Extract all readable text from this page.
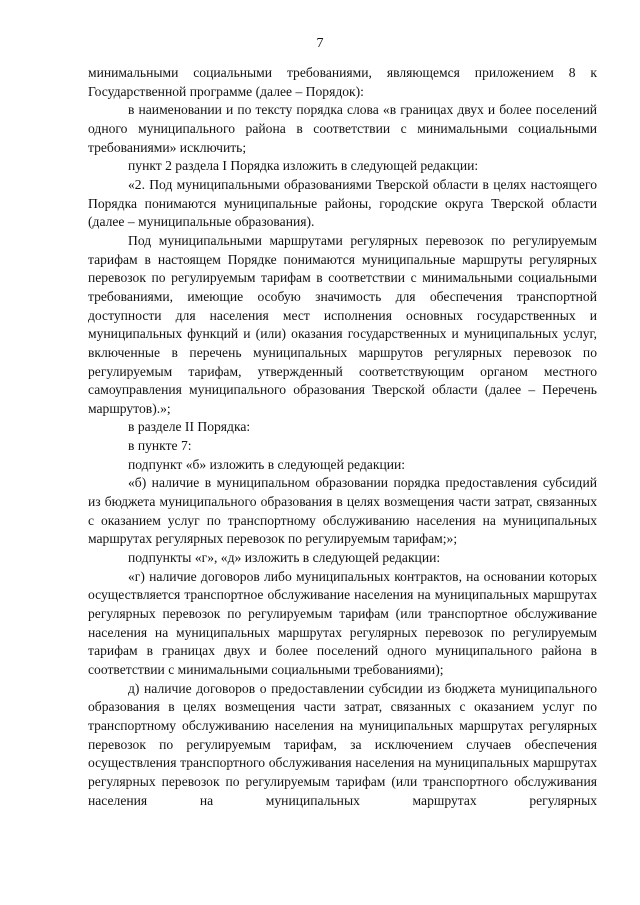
7

минимальными социальными требованиями, являющемся приложением 8 к Государственной программе (далее – Порядок):

в наименовании и по тексту порядка слова «в границах двух и более поселений одного муниципального района в соответствии с минимальными социальными требованиями» исключить;

пункт 2 раздела I Порядка изложить в следующей редакции:

«2. Под муниципальными образованиями Тверской области в целях настоящего Порядка понимаются муниципальные районы, городские округа Тверской области (далее – муниципальные образования).

Под муниципальными маршрутами регулярных перевозок по регулируемым тарифам в настоящем Порядке понимаются муниципальные маршруты регулярных перевозок по регулируемым тарифам в соответствии с минимальными социальными требованиями, имеющие особую значимость для обеспечения транспортной доступности для населения мест исполнения основных государственных и муниципальных функций и (или) оказания государственных и муниципальных услуг, включенные в перечень муниципальных маршрутов регулярных перевозок по регулируемым тарифам, утвержденный соответствующим органом местного самоуправления муниципального образования Тверской области (далее – Перечень маршрутов).»;

в разделе II Порядка:

в пункте 7:

подпункт «б» изложить в следующей редакции:

«б) наличие в муниципальном образовании порядка предоставления субсидий из бюджета муниципального образования в целях возмещения части затрат, связанных с оказанием услуг по транспортному обслуживанию населения на муниципальных маршрутах регулярных перевозок по регулируемым тарифам;»;

подпункты «г», «д» изложить в следующей редакции:

«г) наличие договоров либо муниципальных контрактов, на основании которых осуществляется транспортное обслуживание населения на муниципальных маршрутах регулярных перевозок по регулируемым тарифам (или транспортное обслуживание населения на муниципальных маршрутах регулярных перевозок по регулируемым тарифам в границах двух и более поселений одного муниципального района в соответствии с минимальными социальными требованиями);

д) наличие договоров о предоставлении субсидии из бюджета муниципального образования в целях возмещения части затрат, связанных с оказанием услуг по транспортному обслуживанию населения на муниципальных маршрутах регулярных перевозок по регулируемым тарифам, за исключением случаев обеспечения осуществления транспортного обслуживания населения на муниципальных маршрутах регулярных перевозок по регулируемым тарифам (или транспортного обслуживания населения на муниципальных маршрутах регулярных
